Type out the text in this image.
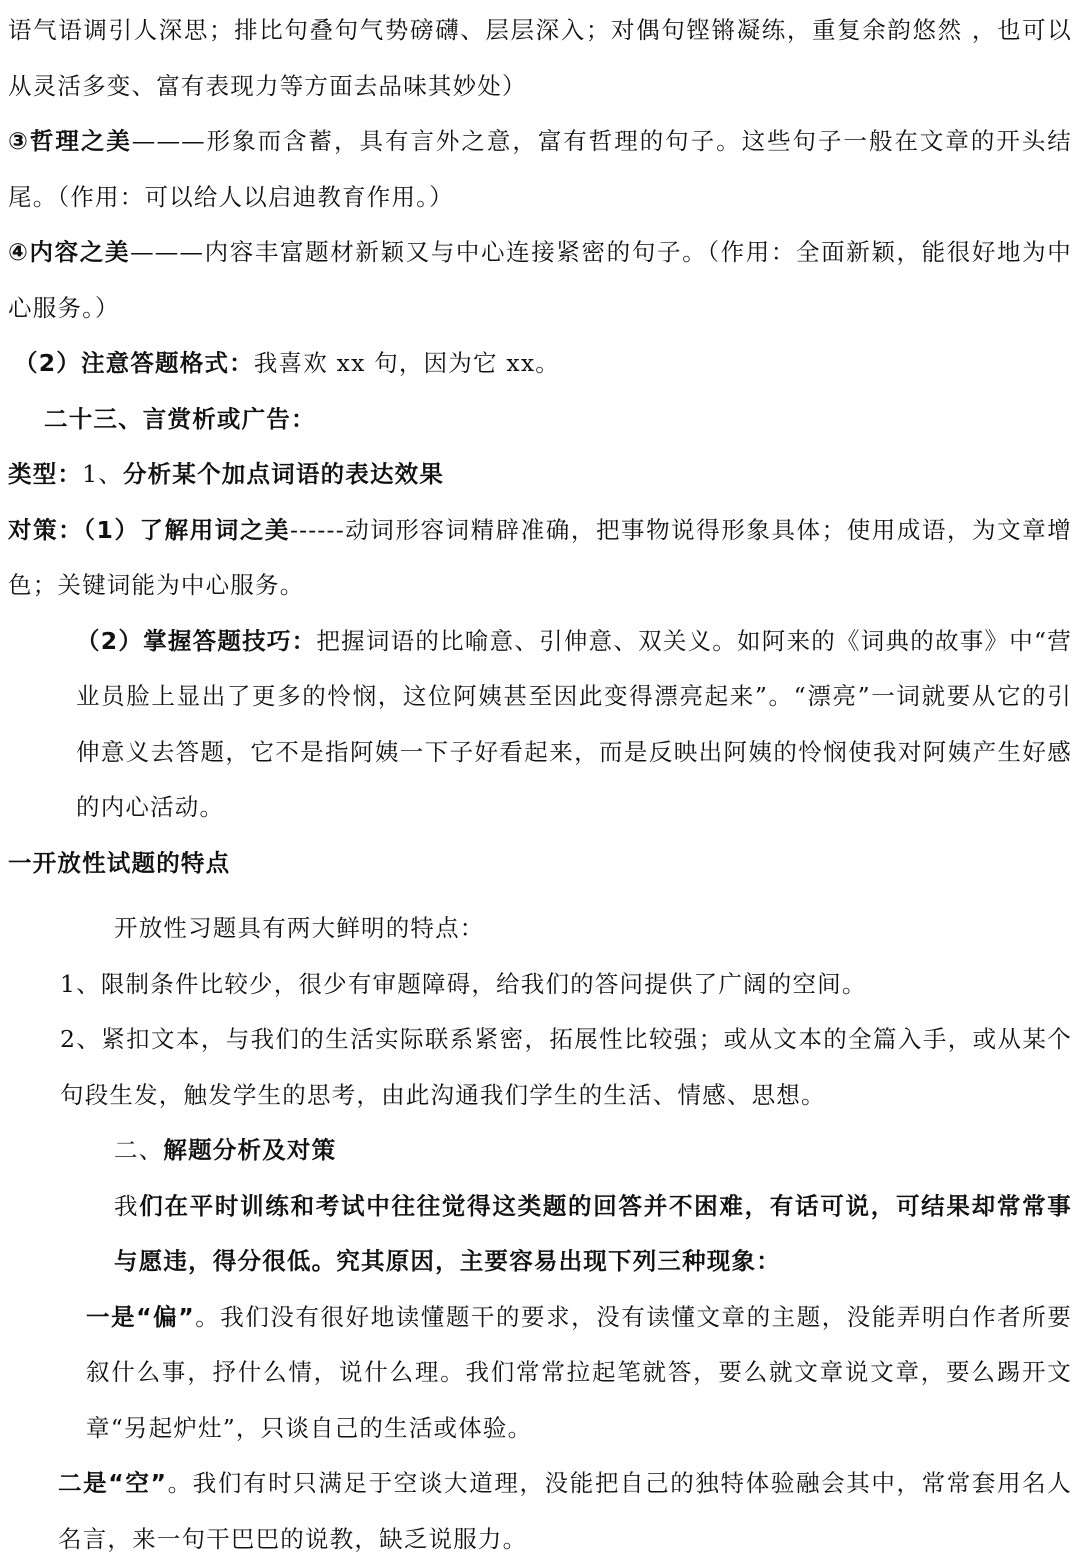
语气语调引人深思；排比句叠句气势磅礴、层层深入；对偶句铿锵凝练，重复余韵悠然 ，也可以从灵活多变、富有表现力等方面去品味其妙处）

③哲理之美———形象而含蓄，具有言外之意，富有哲理的句子。这些句子一般在文章的开头结尾。（作用：可以给人以启迪教育作用。）

④内容之美———内容丰富题材新颖又与中心连接紧密的句子。（作用：全面新颖，能很好地为中心服务。）

（2）注意答题格式：我喜欢 xx 句，因为它 xx。

二十三、言赏析或广告：

类型：1、分析某个加点词语的表达效果

对策：（1）了解用词之美------动词形容词精辟准确，把事物说得形象具体；使用成语，为文章增色；关键词能为中心服务。

（2）掌握答题技巧：把握词语的比喻意、引伸意、双关义。如阿来的《词典的故事》中“营业员脸上显出了更多的怜悯，这位阿姨甚至因此变得漂亮起来”。“漂亮”一词就要从它的引伸意义去答题，它不是指阿姨一下子好看起来，而是反映出阿姨的怜悯使我对阿姨产生好感的内心活动。

一开放性试题的特点

开放性习题具有两大鲜明的特点：

1、限制条件比较少，很少有审题障碍，给我们的答问提供了广阔的空间。

2、紧扣文本，与我们的生活实际联系紧密，拓展性比较强；或从文本的全篇入手，或从某个句段生发，触发学生的思考，由此沟通我们学生的生活、情感、思想。

二、解题分析及对策

我们在平时训练和考试中往往觉得这类题的回答并不困难，有话可说，可结果却常常事与愿违，得分很低。究其原因，主要容易出现下列三种现象：

一是“偏”。我们没有很好地读懂题干的要求，没有读懂文章的主题，没能弄明白作者所要叙什么事，抒什么情，说什么理。我们常常拉起笔就答，要么就文章说文章，要么踢开文章“另起炉灶”，只谈自己的生活或体验。

二是“空”。我们有时只满足于空谈大道理，没能把自己的独特体验融会其中，常常套用名人名言，来一句干巴巴的说教，缺乏说服力。
